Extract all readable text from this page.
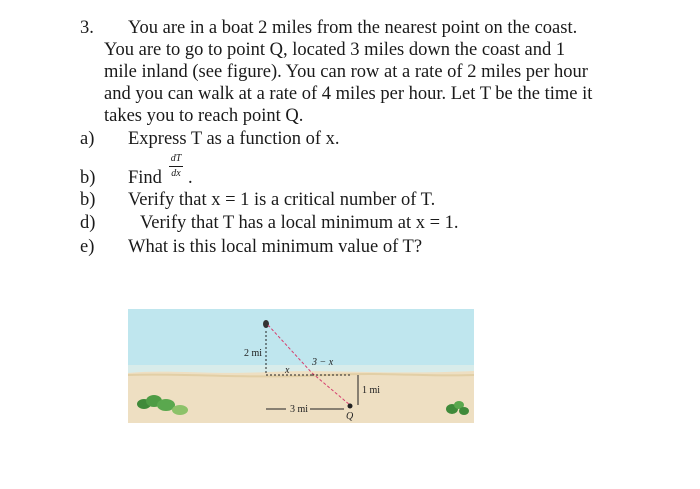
3. You are in a boat 2 miles from the nearest point on the coast.
You are to go to point Q, located 3 miles down the coast and 1
mile inland (see figure). You can row at a rate of 2 miles per hour
and you can walk at a rate of 4 miles per hour. Let T be the time it
takes you to reach point Q.
a) Express T as a function of x.
b) Find
dT
dx .
b) Verify that x = 1 is a critical number of T.
d) Verify that T has a local minimum at x = 1.
e) What is this local minimum value of T?
2 mi
x
3 − x
1 mi
3 mi
Q
